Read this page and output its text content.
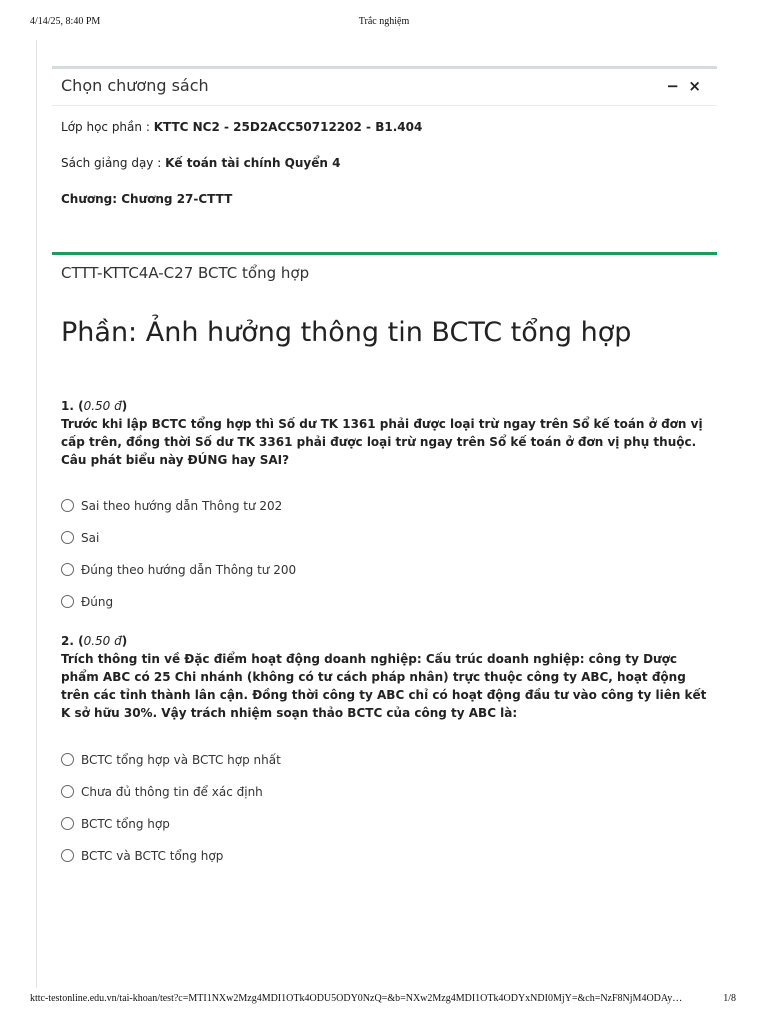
4/14/25, 8:40 PM	Trắc nghiệm
Chọn chương sách	− ×
Lớp học phần : KTTC NC2 - 25D2ACC50712202 - B1.404
Sách giảng dạy : Kế toán tài chính Quyển 4
Chương: Chương 27-CTTT
CTTT-KTTC4A-C27 BCTC tổng hợp
Phần: Ảnh hưởng thông tin BCTC tổng hợp
1. (0.50 đ)
Trước khi lập BCTC tổng hợp thì Số dư TK 1361 phải được loại trừ ngay trên Sổ kế toán ở đơn vị cấp trên, đồng thời Số dư TK 3361 phải được loại trừ ngay trên Sổ kế toán ở đơn vị phụ thuộc. Câu phát biểu này ĐÚNG hay SAI?
Sai theo hướng dẫn Thông tư 202
Sai
Đúng theo hướng dẫn Thông tư 200
Đúng
2. (0.50 đ)
Trích thông tin về Đặc điểm hoạt động doanh nghiệp: Cấu trúc doanh nghiệp: công ty Dược phẩm ABC có 25 Chi nhánh (không có tư cách pháp nhân) trực thuộc công ty ABC, hoạt động trên các tỉnh thành lân cận. Đồng thời công ty ABC chỉ có hoạt động đầu tư vào công ty liên kết K sở hữu 30%. Vậy trách nhiệm soạn thảo BCTC của công ty ABC là:
BCTC tổng hợp và BCTC hợp nhất
Chưa đủ thông tin để xác định
BCTC tổng hợp
BCTC và BCTC tổng hợp
kttc-testonline.edu.vn/tai-khoan/test?c=MTI1NXw2Mzg4MDI1OTk4ODU5ODY0NzQ=&b=NXw2Mzg4MDI1OTk4ODYxNDI0MjY=&ch=NzF8NjM4ODAy…	1/8
